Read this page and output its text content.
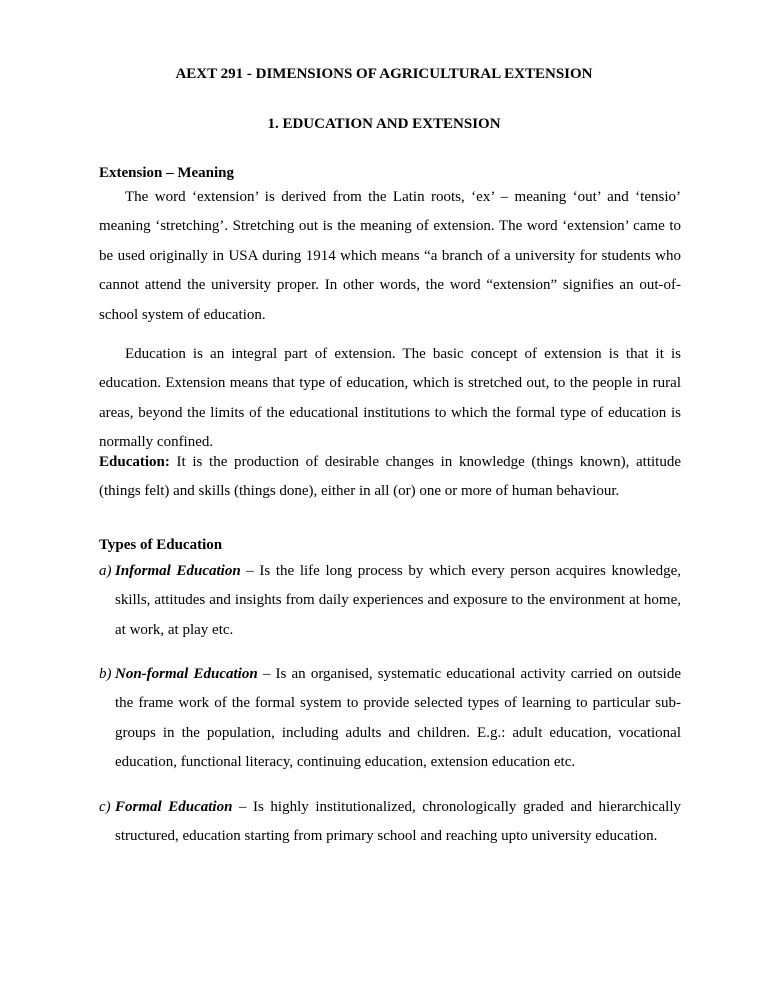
AEXT 291 - DIMENSIONS OF AGRICULTURAL EXTENSION
1. EDUCATION AND EXTENSION
Extension – Meaning
The word ‘extension’ is derived from the Latin roots, ‘ex’ – meaning ‘out’ and ‘tensio’ meaning ‘stretching’. Stretching out is the meaning of extension. The word ‘extension’ came to be used originally in USA during 1914 which means “a branch of a university for students who cannot attend the university proper. In other words, the word “extension” signifies an out-of-school system of education.
Education is an integral part of extension. The basic concept of extension is that it is education. Extension means that type of education, which is stretched out, to the people in rural areas, beyond the limits of the educational institutions to which the formal type of education is normally confined.
Education: It is the production of desirable changes in knowledge (things known), attitude (things felt) and skills (things done), either in all (or) one or more of human behaviour.
Types of Education
a) Informal Education – Is the life long process by which every person acquires knowledge, skills, attitudes and insights from daily experiences and exposure to the environment at home, at work, at play etc.
b) Non-formal Education – Is an organised, systematic educational activity carried on outside the frame work of the formal system to provide selected types of learning to particular sub-groups in the population, including adults and children. E.g.: adult education, vocational education, functional literacy, continuing education, extension education etc.
c) Formal Education – Is highly institutionalized, chronologically graded and hierarchically structured, education starting from primary school and reaching upto university education.
